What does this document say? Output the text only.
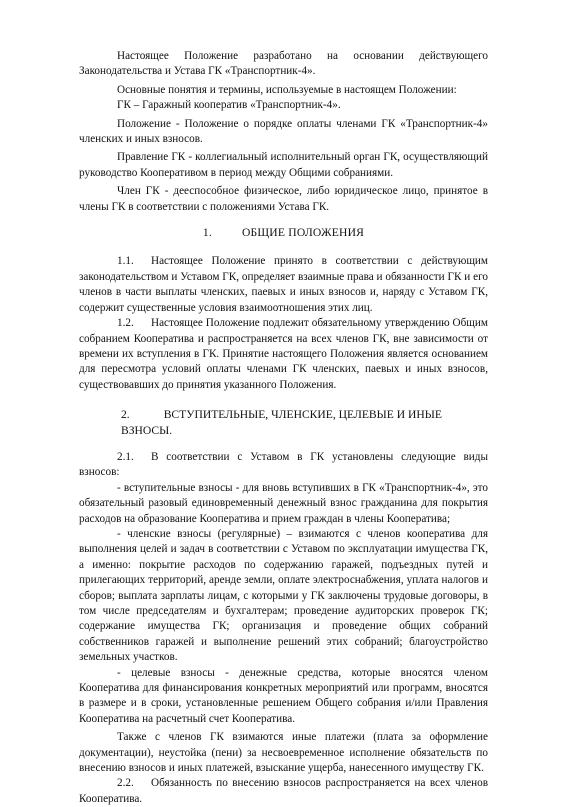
Настоящее Положение разработано на основании действующего Законодательства и Устава ГК «Транспортник-4».

Основные понятия и термины, используемые в настоящем Положении:

ГК – Гаражный кооператив «Транспортник-4».

Положение - Положение о порядке оплаты членами ГК «Транспортник-4» членских и иных взносов.

Правление ГК - коллегиальный исполнительный орган ГК, осуществляющий руководство Кооперативом в период между Общими собраниями.

Член ГК - дееспособное физическое, либо юридическое лицо, принятое в члены ГК в соответствии с положениями Устава ГК.

1.	ОБЩИЕ ПОЛОЖЕНИЯ

1.1. Настоящее Положение принято в соответствии с действующим законодательством и Уставом ГК, определяет взаимные права и обязанности ГК и его членов в части выплаты членских, паевых и иных взносов и, наряду с Уставом ГК, содержит существенные условия взаимоотношения этих лиц.

1.2. Настоящее Положение подлежит обязательному утверждению Общим собранием Кооператива и распространяется на всех членов ГК, вне зависимости от времени их вступления в ГК. Принятие настоящего Положения является основанием для пересмотра условий оплаты членами ГК членских, паевых и иных взносов, существовавших до принятия указанного Положения.

2.	ВСТУПИТЕЛЬНЫЕ, ЧЛЕНСКИЕ, ЦЕЛЕВЫЕ И ИНЫЕ ВЗНОСЫ.

2.1. В соответствии с Уставом в ГК установлены следующие виды взносов:

- вступительные взносы - для вновь вступивших в ГК «Транспортник-4», это обязательный разовый единовременный денежный взнос гражданина для покрытия расходов на образование Кооператива и прием граждан в члены Кооператива;

- членские взносы (регулярные) – взимаются с членов кооператива для выполнения целей и задач в соответствии с Уставом по эксплуатации имущества ГК, а именно: покрытие расходов по содержанию гаражей, подъездных путей и прилегающих территорий, аренде земли, оплате электроснабжения, уплата налогов и сборов; выплата зарплаты лицам, с которыми у ГК заключены трудовые договоры, в том числе председателям и бухгалтерам; проведение аудиторских проверок ГК; содержание имущества ГК; организация и проведение общих собраний собственников гаражей и выполнение решений этих собраний; благоустройство земельных участков.

- целевые взносы - денежные средства, которые вносятся членом Кооператива для финансирования конкретных мероприятий или программ, вносятся в размере и в сроки, установленные решением Общего собрания и/или Правления Кооператива на расчетный счет Кооператива.

Также с членов ГК взимаются иные платежи (плата за оформление документации), неустойка (пени) за несвоевременное исполнение обязательств по внесению взносов и иных платежей, взыскание ущерба, нанесенного имуществу ГК.

2.2. Обязанность по внесению взносов распространяется на всех членов Кооператива.
